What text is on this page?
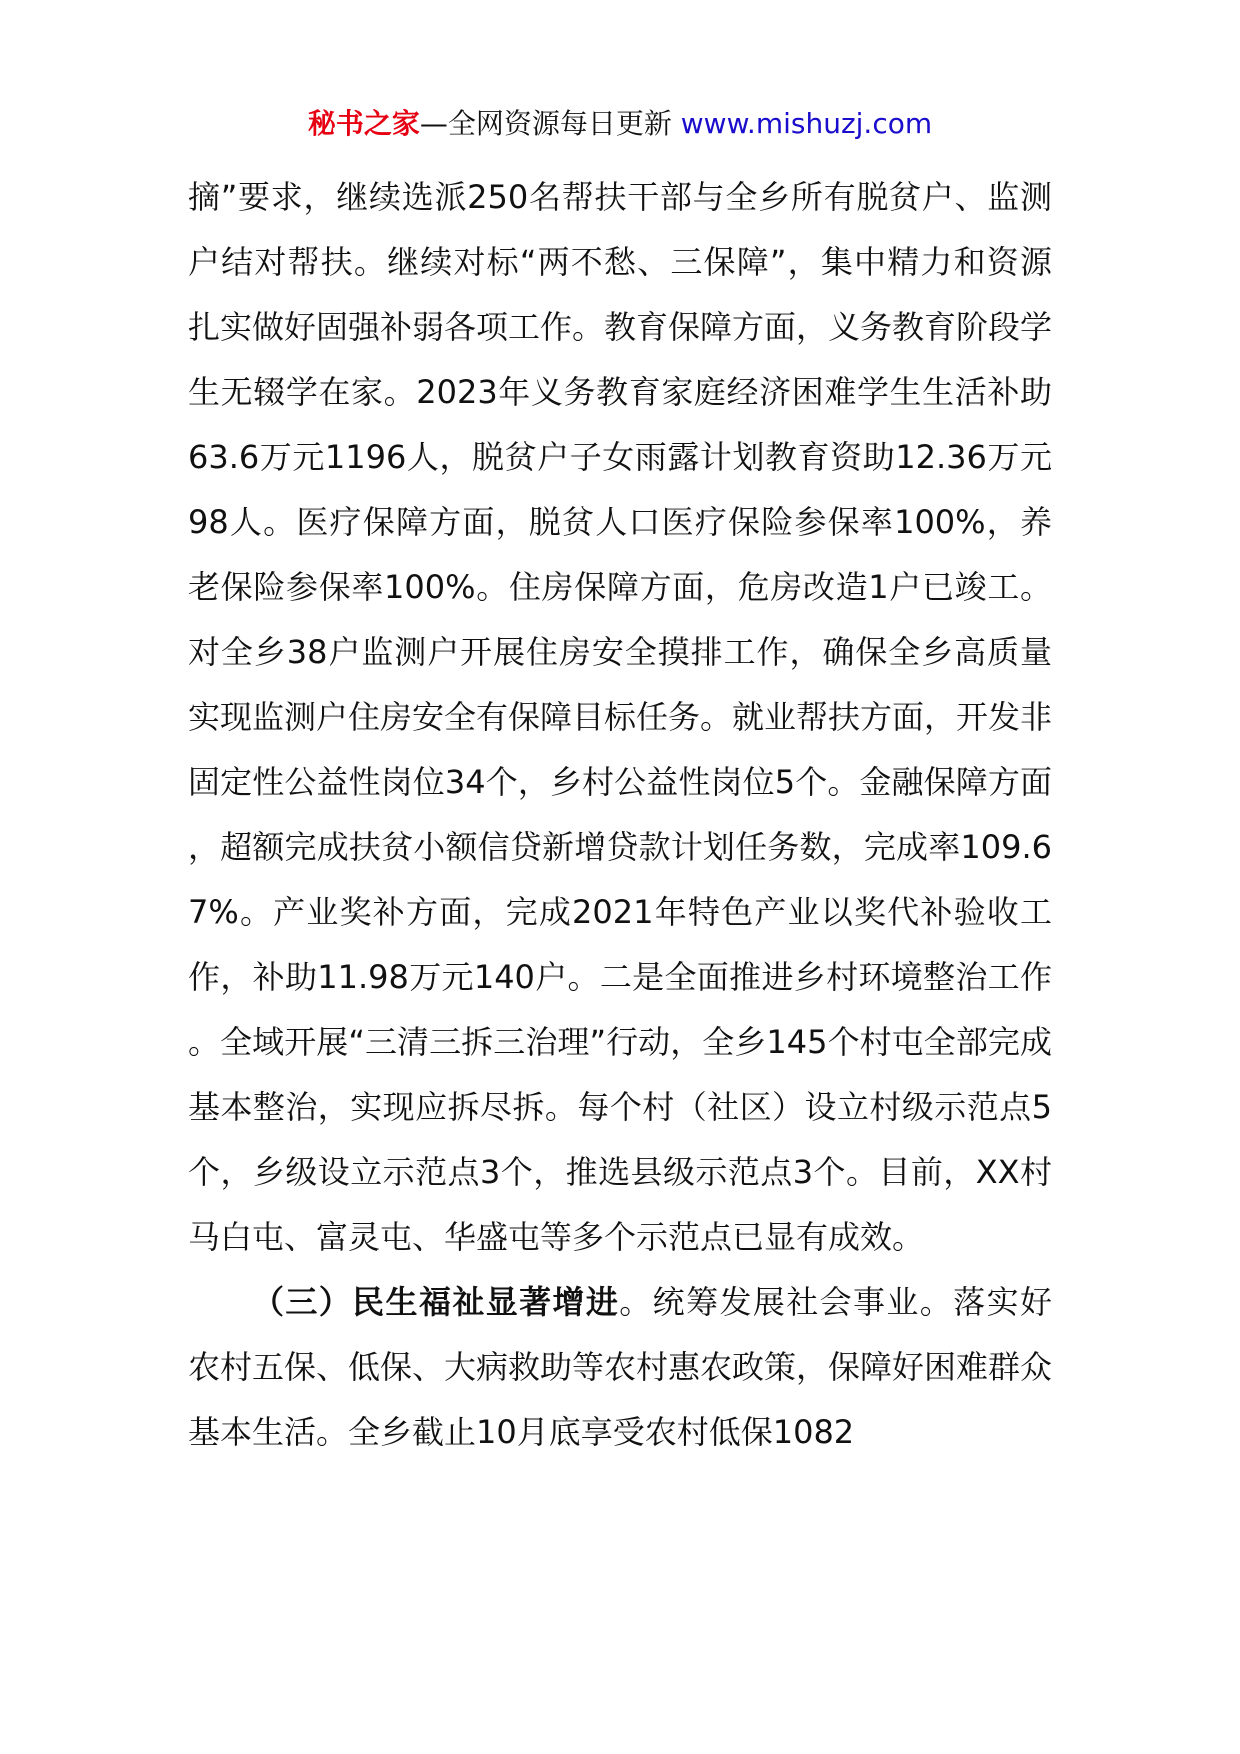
秘书之家—全网资源每日更新 www.mishuzj.com

摘”要求，继续选派250名帮扶干部与全乡所有脱贫户、监测户结对帮扶。继续对标“两不愁、三保障”，集中精力和资源扎实做好固强补弱各项工作。教育保障方面，义务教育阶段学生无辍学在家。2023年义务教育家庭经济困难学生生活补助63.6万元1196人，脱贫户子女雨露计划教育资助12.36万元98人。医疗保障方面，脱贫人口医疗保险参保率100%，养老保险参保率100%。住房保障方面，危房改造1户已竣工。对全乡38户监测户开展住房安全摸排工作，确保全乡高质量实现监测户住房安全有保障目标任务。就业帮扶方面，开发非固定性公益性岗位34个，乡村公益性岗位5个。金融保障方面，超额完成扶贫小额信贷新增贷款计划任务数，完成率109.67%。产业奖补方面，完成2021年特色产业以奖代补验收工作，补助11.98万元140户。二是全面推进乡村环境整治工作。全域开展“三清三拆三治理”行动，全乡145个村屯全部完成基本整治，实现应拆尽拆。每个村（社区）设立村级示范点5个，乡级设立示范点3个，推选县级示范点3个。目前，XX村马白屯、富灵屯、华盛屯等多个示范点已显有成效。

（三）民生福祉显著增进。统筹发展社会事业。落实好农村五保、低保、大病救助等农村惠农政策，保障好困难群众基本生活。全乡截止10月底享受农村低保1082
